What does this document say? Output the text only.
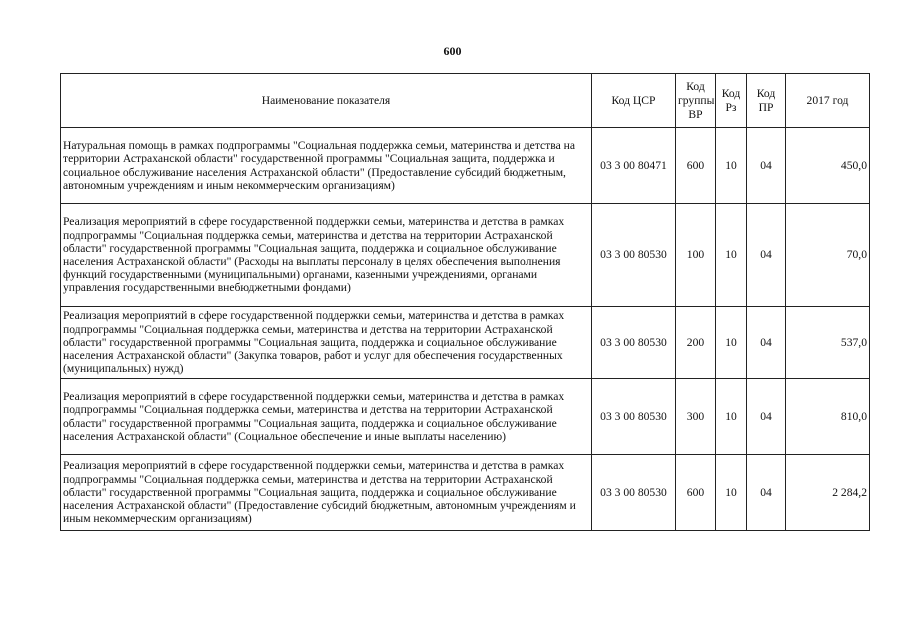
600
Наименование показателя	Код ЦСР	Код группы ВР	Код Рз	Код ПР	2017 год
Натуральная помощь в рамках подпрограммы "Социальная поддержка семьи, материнства и детства на территории Астраханской области" государственной программы "Социальная защита, поддержка и социальное обслуживание населения Астраханской области" (Предоставление субсидий бюджетным, автономным учреждениям и иным некоммерческим организациям)	03 3 00 80471	600	10	04	450,0
Реализация мероприятий в сфере государственной поддержки семьи, материнства и детства в рамках подпрограммы "Социальная поддержка семьи, материнства и детства на территории Астраханской области" государственной программы "Социальная защита, поддержка и социальное обслуживание населения Астраханской области" (Расходы на выплаты персоналу в целях обеспечения выполнения функций государственными (муниципальными) органами, казенными учреждениями, органами управления государственными внебюджетными фондами)	03 3 00 80530	100	10	04	70,0
Реализация мероприятий в сфере государственной поддержки семьи, материнства и детства в рамках подпрограммы "Социальная поддержка семьи, материнства и детства на территории Астраханской области" государственной программы "Социальная защита, поддержка и социальное обслуживание населения Астраханской области" (Закупка товаров, работ и услуг для обеспечения государственных (муниципальных) нужд)	03 3 00 80530	200	10	04	537,0
Реализация мероприятий в сфере государственной поддержки семьи, материнства и детства в рамках подпрограммы "Социальная поддержка семьи, материнства и детства на территории Астраханской области" государственной программы "Социальная защита, поддержка и социальное обслуживание населения Астраханской области" (Социальное обеспечение и иные выплаты населению)	03 3 00 80530	300	10	04	810,0
Реализация мероприятий в сфере государственной поддержки семьи, материнства и детства в рамках подпрограммы "Социальная поддержка семьи, материнства и детства на территории Астраханской области" государственной программы "Социальная защита, поддержка и социальное обслуживание населения Астраханской области" (Предоставление субсидий бюджетным, автономным учреждениям и иным некоммерческим организациям)	03 3 00 80530	600	10	04	2 284,2
